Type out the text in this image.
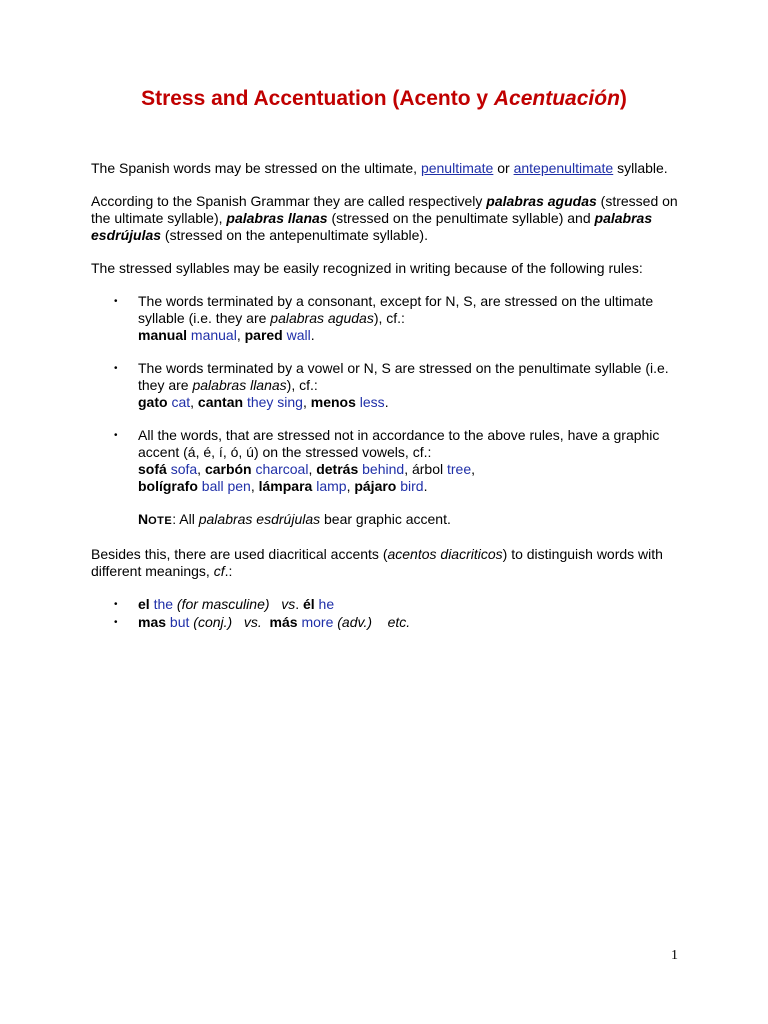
Stress and Accentuation (Acento y Acentuación)

The Spanish words may be stressed on the ultimate, penultimate or antepenultimate syllable.

According to the Spanish Grammar they are called respectively palabras agudas (stressed on the ultimate syllable), palabras llanas (stressed on the penultimate syllable) and palabras esdrújulas (stressed on the antepenultimate syllable).

The stressed syllables may be easily recognized in writing because of the following rules:

• The words terminated by a consonant, except for N, S, are stressed on the ultimate syllable (i.e. they are palabras agudas), cf.:
manual manual, pared wall.

• The words terminated by a vowel or N, S are stressed on the penultimate syllable (i.e. they are palabras llanas), cf.:
gato cat, cantan they sing, menos less.

• All the words, that are stressed not in accordance to the above rules, have a graphic accent (á, é, í, ó, ú) on the stressed vowels, cf.:
sofá sofa, carbón charcoal, detrás behind, árbol tree,
bolígrafo ball pen, lámpara lamp, pájaro bird.

NOTE: All palabras esdrújulas bear graphic accent.

Besides this, there are used diacritical accents (acentos diacriticos) to distinguish words with different meanings, cf.:

• el the (for masculine) vs. él he
• mas but (conj.) vs. más more (adv.) etc.
1
